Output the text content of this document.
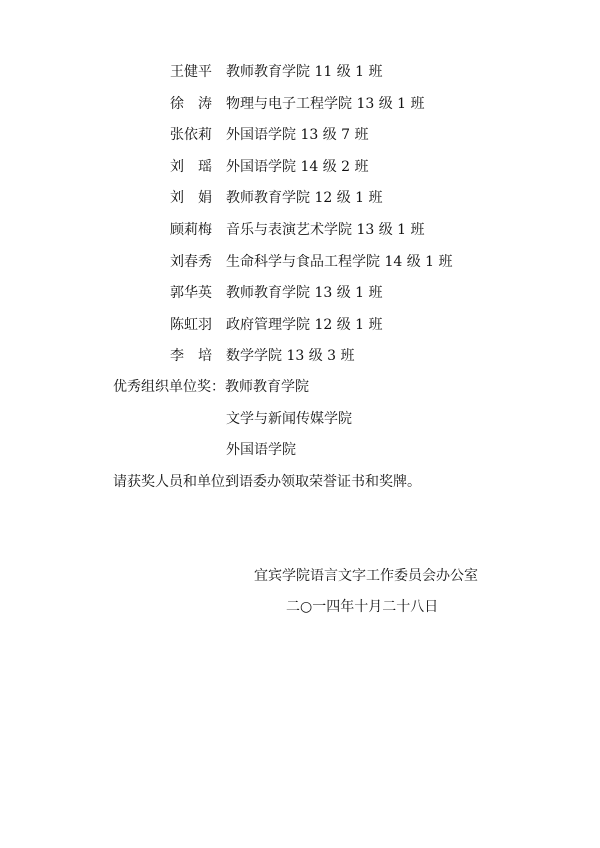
王健平 教师教育学院 11 级 1 班
徐　涛 物理与电子工程学院 13 级 1 班
张依莉 外国语学院 13 级 7 班
刘　瑶 外国语学院 14 级 2 班
刘　娟 教师教育学院 12 级 1 班
顾莉梅 音乐与表演艺术学院 13 级 1 班
刘春秀 生命科学与食品工程学院 14 级 1 班
郭华英 教师教育学院 13 级 1 班
陈虹羽 政府管理学院 12 级 1 班
李　培 数学学院 13 级 3 班
优秀组织单位奖：教师教育学院
文学与新闻传媒学院
外国语学院
请获奖人员和单位到语委办领取荣誉证书和奖牌。
宜宾学院语言文字工作委员会办公室
二○一四年十月二十八日
